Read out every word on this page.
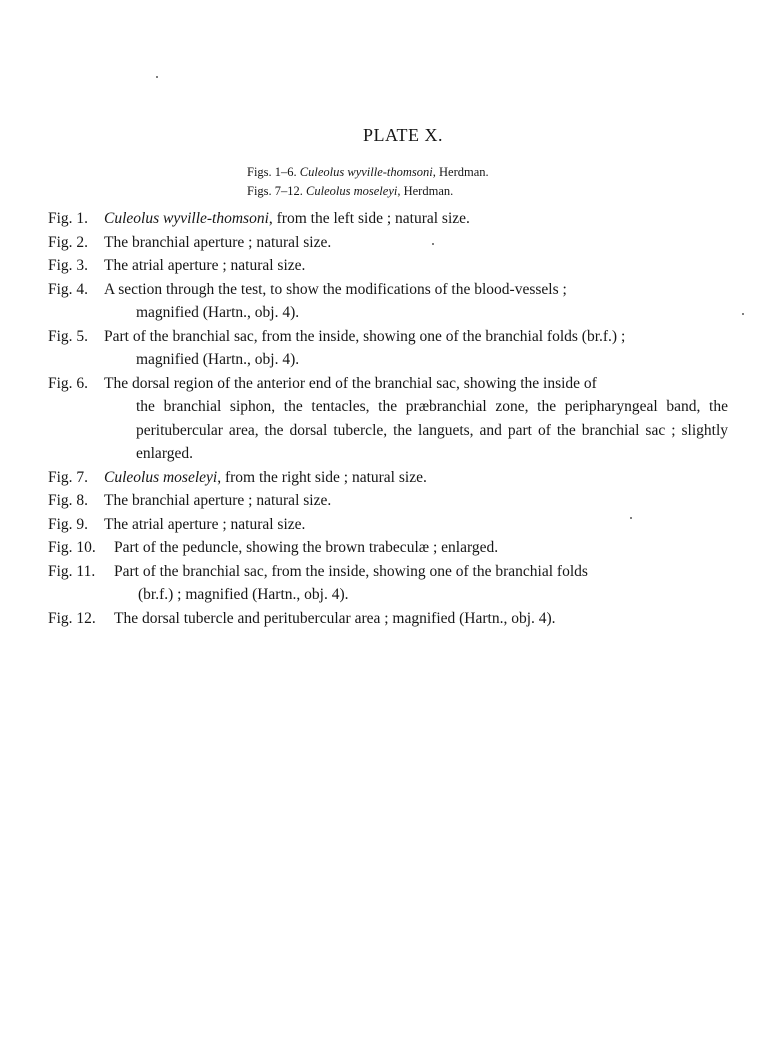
PLATE X.
Figs. 1–6. Culeolus wyville-thomsoni, Herdman.
Figs. 7–12. Culeolus moseleyi, Herdman.
Fig. 1. Culeolus wyville-thomsoni, from the left side ; natural size.
Fig. 2. The branchial aperture ; natural size.
Fig. 3. The atrial aperture ; natural size.
Fig. 4. A section through the test, to show the modifications of the blood-vessels ;
magnified (Hartn., obj. 4).
Fig. 5. Part of the branchial sac, from the inside, showing one of the branchial folds (br.f.) ;
magnified (Hartn., obj. 4).
Fig. 6. The dorsal region of the anterior end of the branchial sac, showing the inside of
the branchial siphon, the tentacles, the præbranchial zone, the peripharyngeal band, the peritubercular area, the dorsal tubercle, the languets, and part of the branchial sac ; slightly enlarged.
Fig. 7. Culeolus moseleyi, from the right side ; natural size.
Fig. 8. The branchial aperture ; natural size.
Fig. 9. The atrial aperture ; natural size.
Fig. 10. Part of the peduncle, showing the brown trabeculæ ; enlarged.
Fig. 11. Part of the branchial sac, from the inside, showing one of the branchial folds
(br.f.) ; magnified (Hartn., obj. 4).
Fig. 12. The dorsal tubercle and peritubercular area ; magnified (Hartn., obj. 4).
